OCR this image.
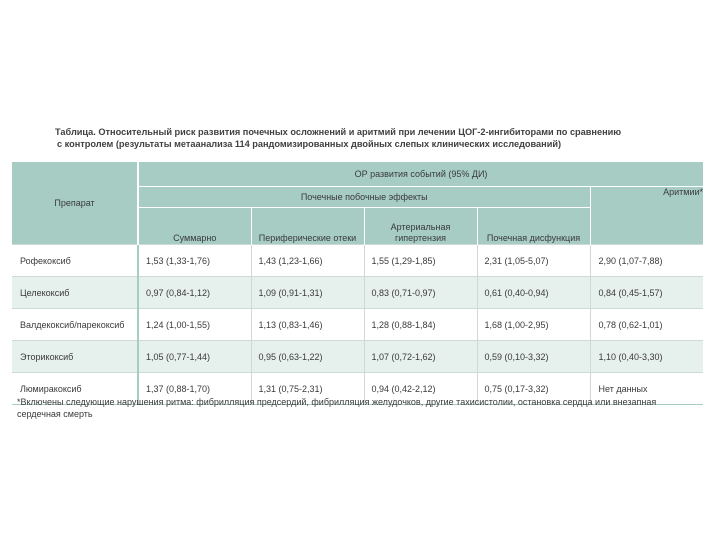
Таблица. Относительный риск развития почечных осложнений и аритмий при лечении ЦОГ-2-ингибиторами по сравнению
с контролем (результаты метаанализа 114 рандомизированных двойных слепых клинических исследований)
Препарат	ОР развития событий (95% ДИ)				
	Почечные побочные эффекты				Аритмии*
	Суммарно	Периферические отеки	Артериальная гипертензия	Почечная дисфункция	
Рофекоксиб	1,53 (1,33-1,76)	1,43 (1,23-1,66)	1,55 (1,29-1,85)	2,31 (1,05-5,07)	2,90 (1,07-7,88)
Целекоксиб	0,97 (0,84-1,12)	1,09 (0,91-1,31)	0,83 (0,71-0,97)	0,61 (0,40-0,94)	0,84 (0,45-1,57)
Валдекоксиб/парекоксиб	1,24 (1,00-1,55)	1,13 (0,83-1,46)	1,28 (0,88-1,84)	1,68 (1,00-2,95)	0,78 (0,62-1,01)
Эторикоксиб	1,05 (0,77-1,44)	0,95 (0,63-1,22)	1,07 (0,72-1,62)	0,59 (0,10-3,32)	1,10 (0,40-3,30)
Люмиракоксиб	1,37 (0,88-1,70)	1,31 (0,75-2,31)	0,94 (0,42-2,12)	0,75 (0,17-3,32)	Нет данных
*Включены следующие нарушения ритма: фибрилляция предсердий, фибрилляция желудочков, другие тахисистолии, остановка сердца или внезапная сердечная смерть
